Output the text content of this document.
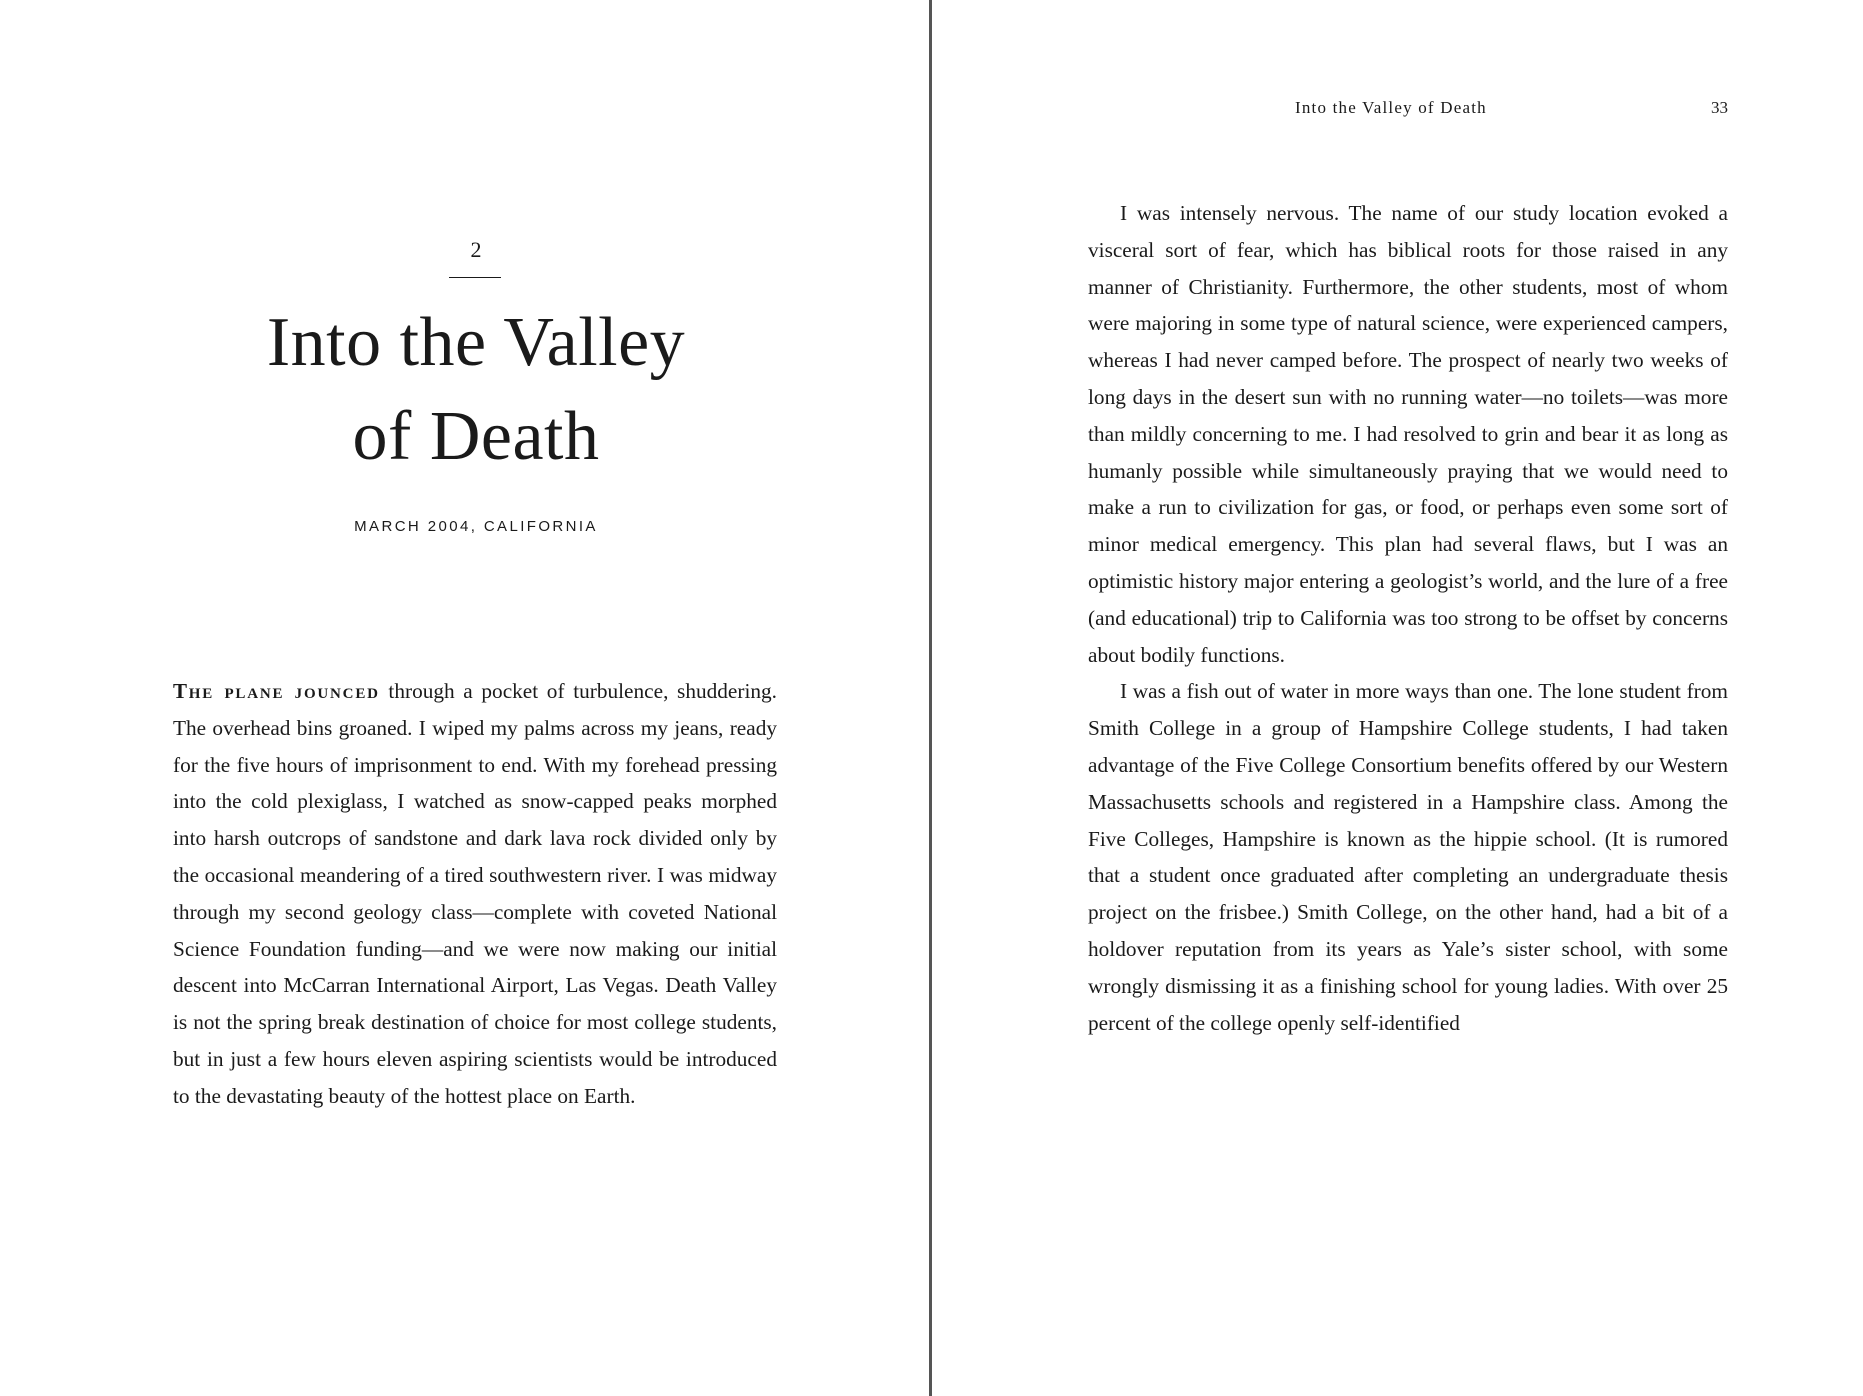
2
Into the Valley
of Death
MARCH 2004, CALIFORNIA

The plane jounced through a pocket of turbulence, shuddering. The overhead bins groaned. I wiped my palms across my jeans, ready for the five hours of imprisonment to end. With my forehead pressing into the cold plexiglass, I watched as snow-capped peaks morphed into harsh outcrops of sandstone and dark lava rock divided only by the occasional meandering of a tired southwestern river. I was midway through my second geology class—complete with coveted National Science Foundation funding—and we were now making our initial descent into McCarran International Airport, Las Vegas. Death Valley is not the spring break destination of choice for most college students, but in just a few hours eleven aspiring scientists would be introduced to the devastating beauty of the hottest place on Earth.

Into the Valley of Death	33

I was intensely nervous. The name of our study location evoked a visceral sort of fear, which has biblical roots for those raised in any manner of Christianity. Furthermore, the other students, most of whom were majoring in some type of natural science, were experienced campers, whereas I had never camped before. The prospect of nearly two weeks of long days in the desert sun with no running water—no toilets—was more than mildly concerning to me. I had resolved to grin and bear it as long as humanly possible while simultaneously praying that we would need to make a run to civilization for gas, or food, or perhaps even some sort of minor medical emergency. This plan had several flaws, but I was an optimistic history major entering a geologist’s world, and the lure of a free (and educational) trip to California was too strong to be offset by concerns about bodily functions.

I was a fish out of water in more ways than one. The lone student from Smith College in a group of Hampshire College students, I had taken advantage of the Five College Consortium benefits offered by our Western Massachusetts schools and registered in a Hampshire class. Among the Five Colleges, Hampshire is known as the hippie school. (It is rumored that a student once graduated after completing an undergraduate thesis project on the frisbee.) Smith College, on the other hand, had a bit of a holdover reputation from its years as Yale’s sister school, with some wrongly dismissing it as a finishing school for young ladies. With over 25 percent of the college openly self-identified
